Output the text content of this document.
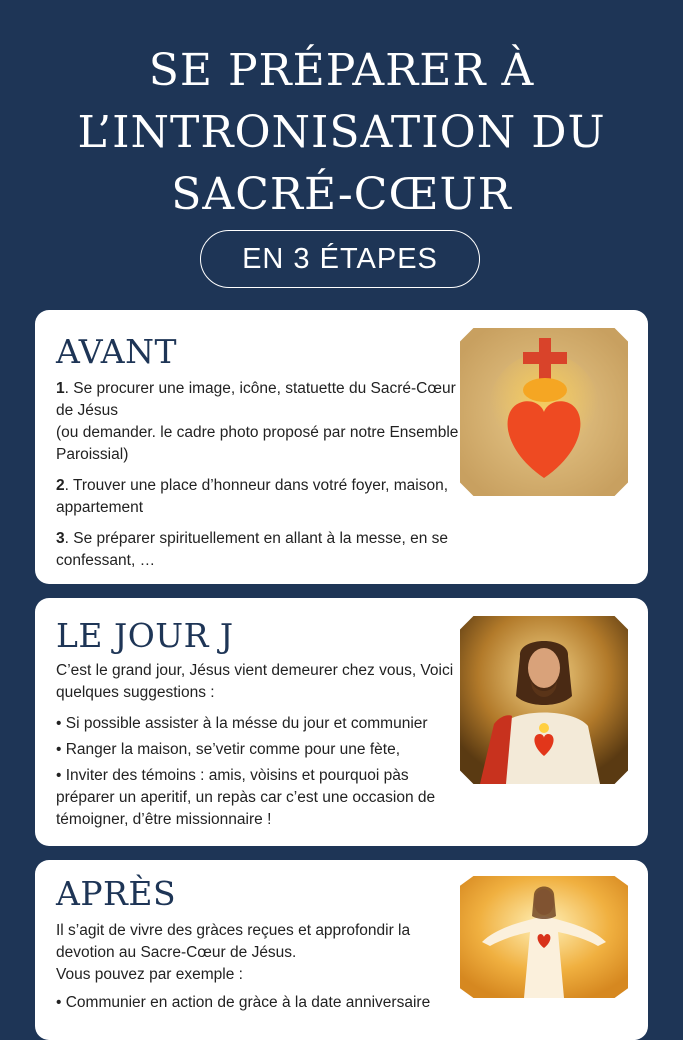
SE PRÉPARER À
L’INTRONISATION DU
SACRÉ-CŒUR
EN 3 ÉTAPES
AVANT

1. Se procurer une image, icône, statuette du Sacré-Cœur de Jésus
(ou demander. le cadre photo proposé par notre Ensemble Paroissial)

2. Trouver une place d’honneur dans votré foyer, maison, appartement

3. Se préparer spirituellement en allant à la messe, en se confessant, …

LE JOUR J

C’est le grand jour, Jésus vient demeurer chez vous, Voici quelques suggestions :

• Si possible assister à la mésse du jour et communier
• Ranger la maison, se’vetir comme pour une fète,
• Inviter des témoins : amis, vòisins et pourquoi pàs préparer un aperitif, un repàs car c’est une occasion de témoigner, d’être missionnaire !
APRÈS

Il s’agit de vivre des gràces reçues et approfondir la devotion au Sacre-Cœur de Jésus.
Vous pouvez par exemple :

• Communier en action de gràce à la date anniversaire
